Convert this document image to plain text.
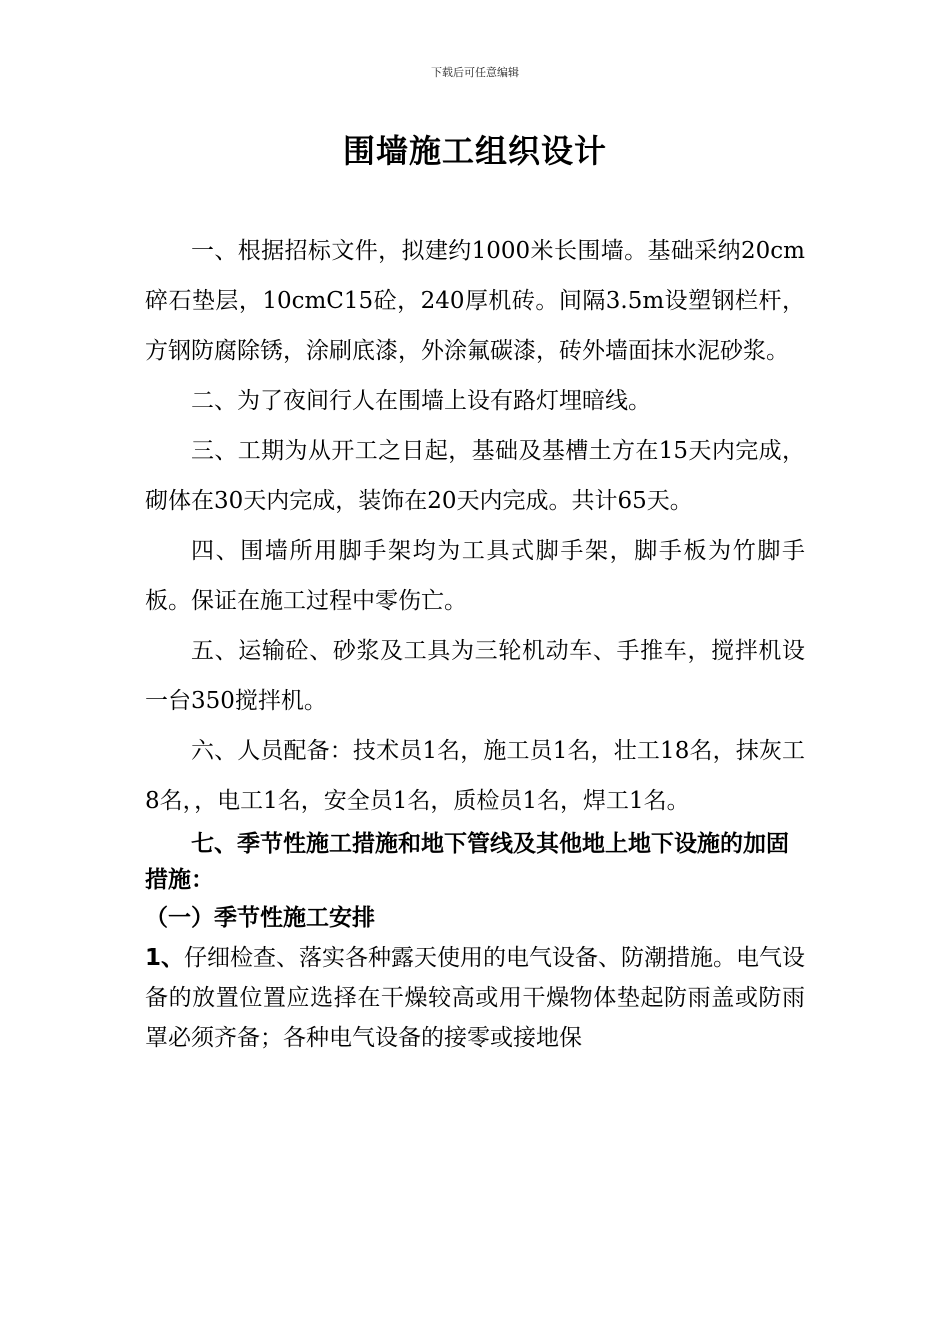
下载后可任意编辑
围墙施工组织设计

一、根据招标文件，拟建约1000米长围墙。基础采纳20cm碎石垫层，10cmC15砼，240厚机砖。间隔3.5m设塑钢栏杆，方钢防腐除锈，涂刷底漆，外涂氟碳漆，砖外墙面抹水泥砂浆。

二、为了夜间行人在围墙上设有路灯埋暗线。

三、工期为从开工之日起，基础及基槽土方在15天内完成，砌体在30天内完成，装饰在20天内完成。共计65天。

四、围墙所用脚手架均为工具式脚手架，脚手板为竹脚手板。保证在施工过程中零伤亡。

五、运输砼、砂浆及工具为三轮机动车、手推车，搅拌机设一台350搅拌机。

六、人员配备：技术员1名，施工员1名，壮工18名，抹灰工8名，，电工1名，安全员1名，质检员1名，焊工1名。

七、季节性施工措施和地下管线及其他地上地下设施的加固措施：

（一）季节性施工安排

1、仔细检查、落实各种露天使用的电气设备、防潮措施。电气设备的放置位置应选择在干燥较高或用干燥物体垫起防雨盖或防雨罩必须齐备；各种电气设备的接零或接地保
